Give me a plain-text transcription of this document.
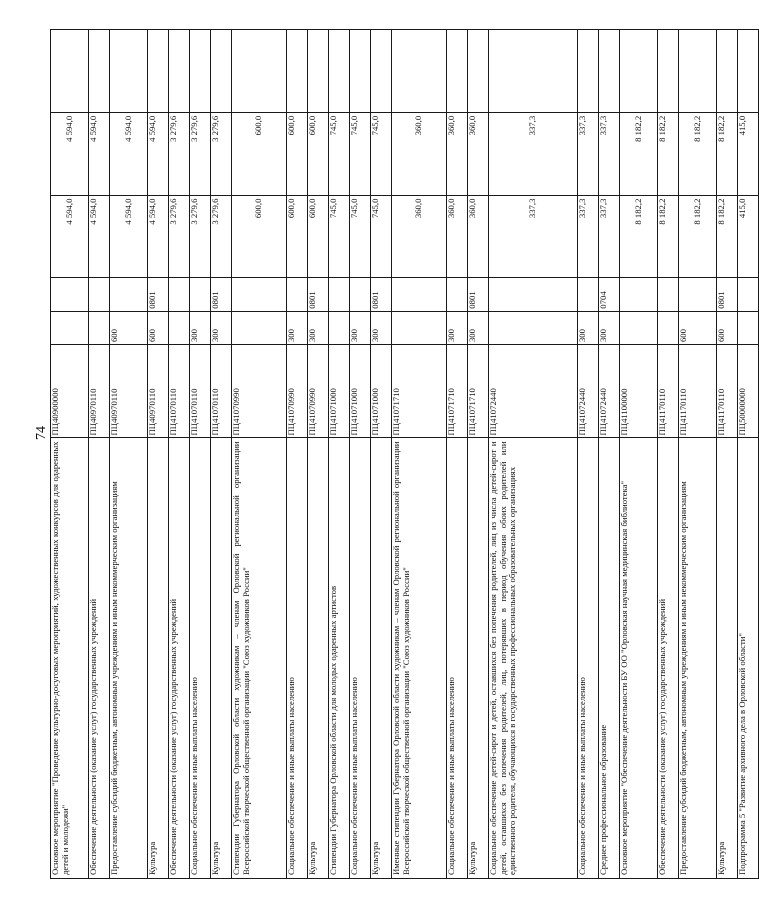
74
Основное мероприятие "Проведение культурно-досуговых мероприятий, художественных конкурсов для одаренных детей и молодежи"	ПЦ40900000			4 594,0	4 594,0	
Обеспечение деятельности (оказание услуг) государственных учреждений	ПЦ40970110			4 594,0	4 594,0	
Предоставление субсидий бюджетным, автономным учреждениям и иным некоммерческим организациям	ПЦ40970110	600		4 594,0	4 594,0	
Культура	ПЦ40970110	600	0801	4 594,0	4 594,0	
Обеспечение деятельности (оказание услуг) государственных учреждений	ПЦ41070110			3 279,6	3 279,6	
Социальное обеспечение и иные выплаты населению	ПЦ41070110	300		3 279,6	3 279,6	
Культура	ПЦ41070110	300	0801	3 279,6	3 279,6	
Стипендии Губернатора Орловской области художникам – членам Орловской региональной организации Всероссийской творческой общественной организации "Союз художников России"	ПЦ41070990			600,0	600,0	
Социальное обеспечение и иные выплаты населению	ПЦ41070990	300		600,0	600,0	
Культура	ПЦ41070990	300	0801	600,0	600,0	
Стипендии Губернатора Орловской области для молодых одаренных артистов	ПЦ41071000			745,0	745,0	
Социальное обеспечение и иные выплаты населению	ПЦ41071000	300		745,0	745,0	
Культура	ПЦ41071000	300	0801	745,0	745,0	
Именные стипендии Губернатора Орловской области художникам – членам Орловской региональной организации Всероссийской творческой общественной организации "Союз художников России"	ПЦ41071710			360,0	360,0	
Социальное обеспечение и иные выплаты населению	ПЦ41071710	300		360,0	360,0	
Культура	ПЦ41071710	300	0801	360,0	360,0	
Социальное обеспечение детей-сирот и детей, оставшихся без попечения родителей, лиц из числа детей-сирот и детей, оставшихся без попечения родителей, лиц, потерявших в период обучения обоих родителей или единственного родителя, обучающихся в государственных профессиональных образовательных организациях	ПЦ41072440			337,3	337,3	
Социальное обеспечение и иные выплаты населению	ПЦ41072440	300		337,3	337,3	
Среднее профессиональное образование	ПЦ41072440	300	0704	337,3	337,3	
Основное мероприятие "Обеспечение деятельности БУ ОО "Орловская научная медицинская библиотека"	ПЦ41100000			8 182,2	8 182,2	
Обеспечение деятельности (оказание услуг) государственных учреждений	ПЦ41170110			8 182,2	8 182,2	
Предоставление субсидий бюджетным, автономным учреждениям и иным некоммерческим организациям	ПЦ41170110	600		8 182,2	8 182,2	
Культура	ПЦ41170110	600	0801	8 182,2	8 182,2	
Подпрограмма 5 "Развитие архивного дела в Орловской области"	ПЦ50000000			415,0	415,0	
